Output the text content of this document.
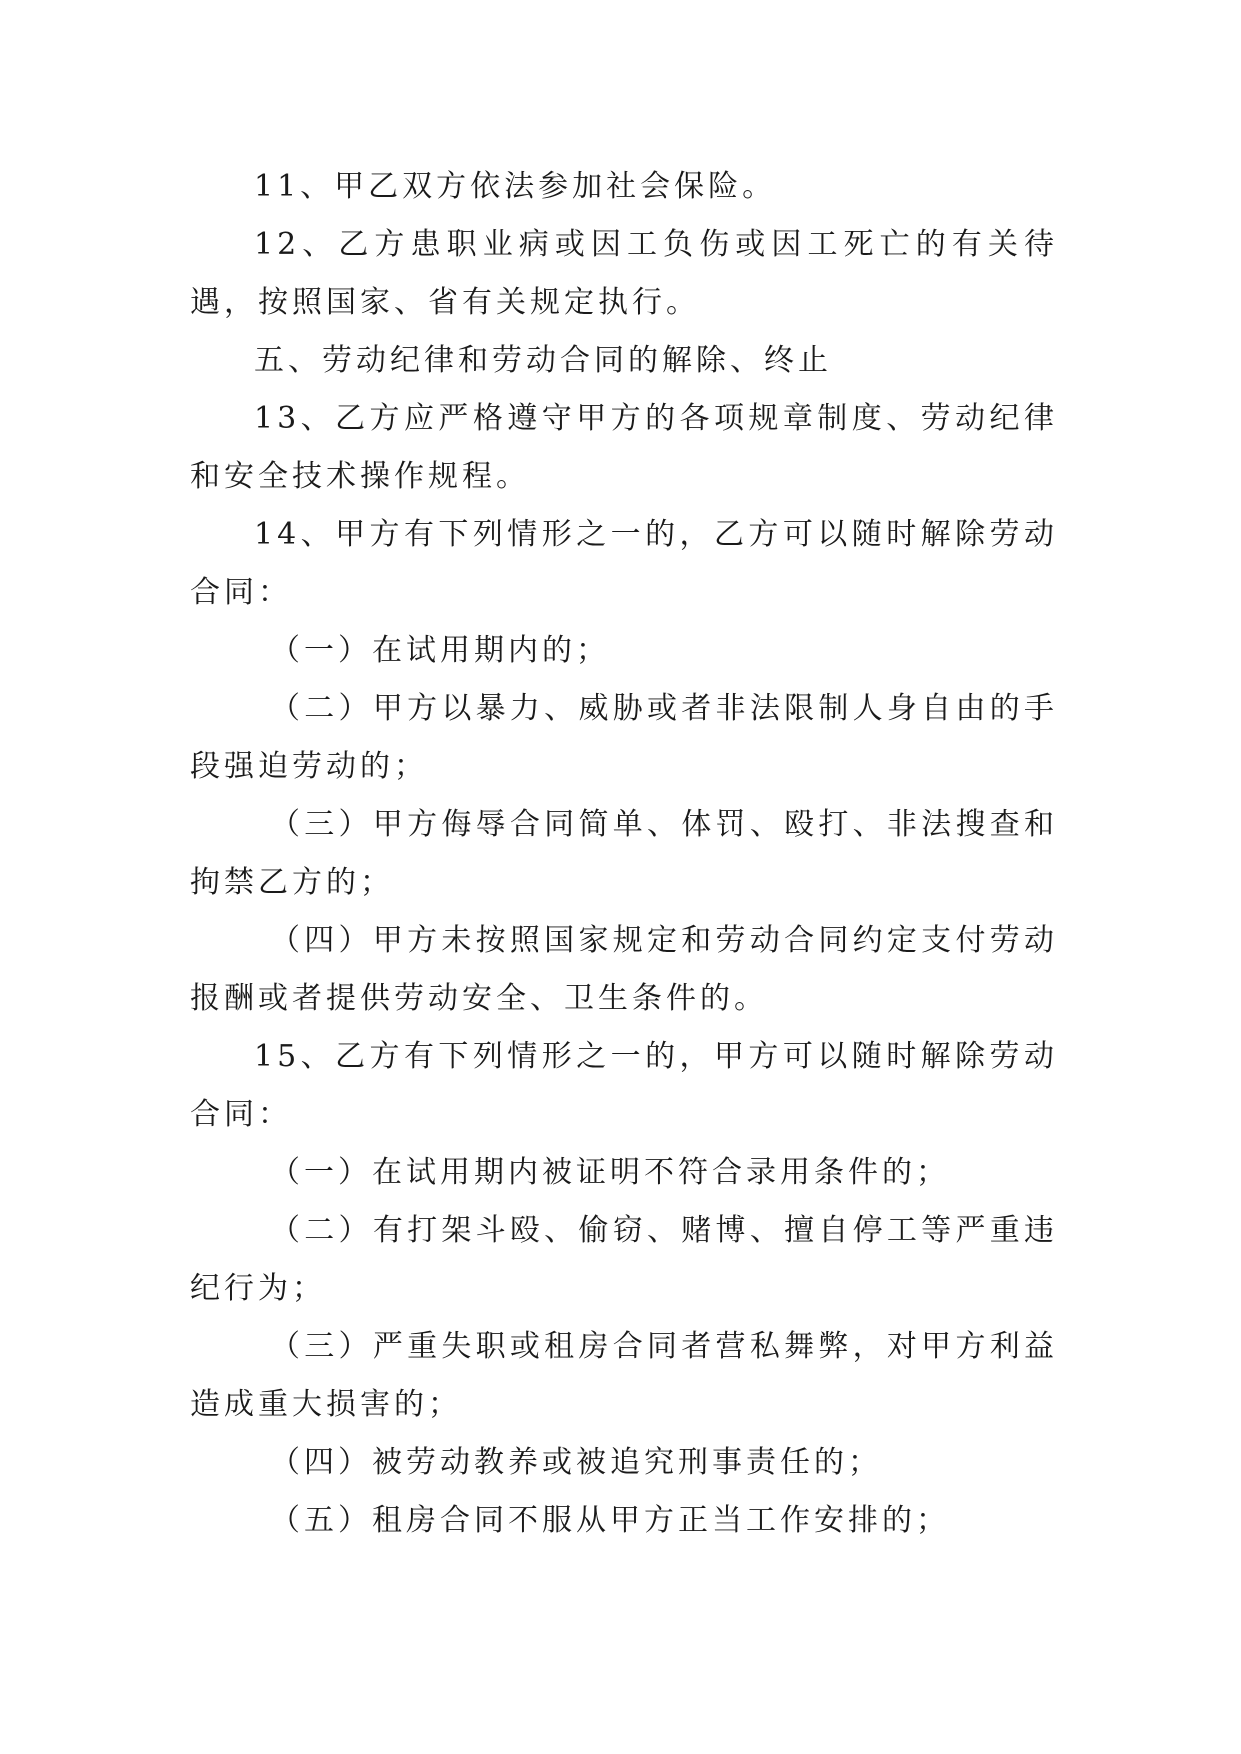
11、甲乙双方依法参加社会保险。

12、乙方患职业病或因工负伤或因工死亡的有关待遇，按照国家、省有关规定执行。

五、劳动纪律和劳动合同的解除、终止

13、乙方应严格遵守甲方的各项规章制度、劳动纪律和安全技术操作规程。

14、甲方有下列情形之一的，乙方可以随时解除劳动合同：

（一）在试用期内的；

（二）甲方以暴力、威胁或者非法限制人身自由的手段强迫劳动的；

（三）甲方侮辱合同简单、体罚、殴打、非法搜查和拘禁乙方的；

（四）甲方未按照国家规定和劳动合同约定支付劳动报酬或者提供劳动安全、卫生条件的。

15、乙方有下列情形之一的，甲方可以随时解除劳动合同：

（一）在试用期内被证明不符合录用条件的；

（二）有打架斗殴、偷窃、赌博、擅自停工等严重违纪行为；

（三）严重失职或租房合同者营私舞弊，对甲方利益造成重大损害的；

（四）被劳动教养或被追究刑事责任的；

（五）租房合同不服从甲方正当工作安排的；
